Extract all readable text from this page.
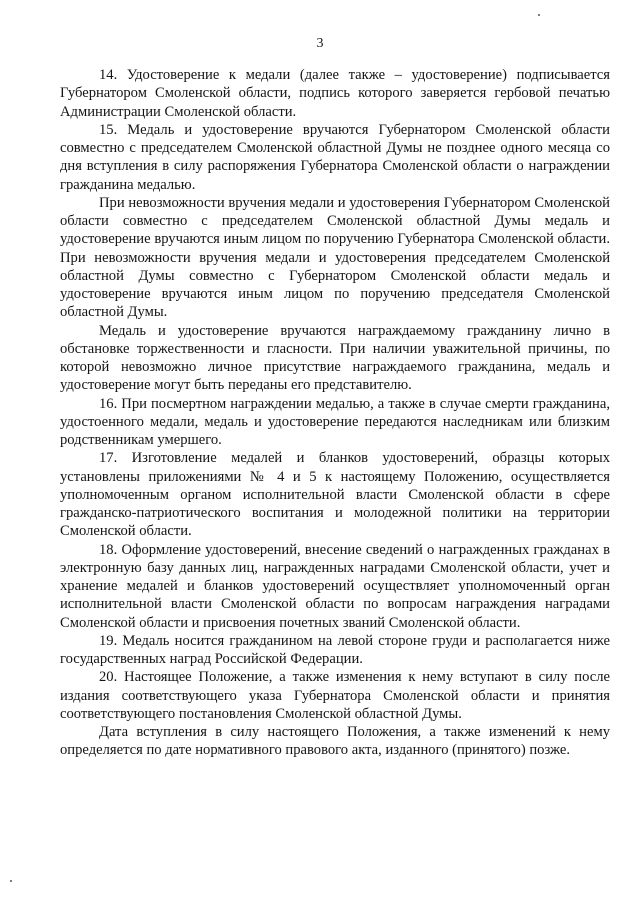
3

14. Удостоверение к медали (далее также – удостоверение) подписывается Губернатором Смоленской области, подпись которого заверяется гербовой печатью Администрации Смоленской области.

15. Медаль и удостоверение вручаются Губернатором Смоленской области совместно с председателем Смоленской областной Думы не позднее одного месяца со дня вступления в силу распоряжения Губернатора Смоленской области о награждении гражданина медалью.

При невозможности вручения медали и удостоверения Губернатором Смоленской области совместно с председателем Смоленской областной Думы медаль и удостоверение вручаются иным лицом по поручению Губернатора Смоленской области. При невозможности вручения медали и удостоверения председателем Смоленской областной Думы совместно с Губернатором Смоленской области медаль и удостоверение вручаются иным лицом по поручению председателя Смоленской областной Думы.

Медаль и удостоверение вручаются награждаемому гражданину лично в обстановке торжественности и гласности. При наличии уважительной причины, по которой невозможно личное присутствие награждаемого гражданина, медаль и удостоверение могут быть переданы его представителю.

16. При посмертном награждении медалью, а также в случае смерти гражданина, удостоенного медали, медаль и удостоверение передаются наследникам или близким родственникам умершего.

17. Изготовление медалей и бланков удостоверений, образцы которых установлены приложениями № 4 и 5 к настоящему Положению, осуществляется уполномоченным органом исполнительной власти Смоленской области в сфере гражданско-патриотического воспитания и молодежной политики на территории Смоленской области.

18. Оформление удостоверений, внесение сведений о награжденных гражданах в электронную базу данных лиц, награжденных наградами Смоленской области, учет и хранение медалей и бланков удостоверений осуществляет уполномоченный орган исполнительной власти Смоленской области по вопросам награждения наградами Смоленской области и присвоения почетных званий Смоленской области.

19. Медаль носится гражданином на левой стороне груди и располагается ниже государственных наград Российской Федерации.

20. Настоящее Положение, а также изменения к нему вступают в силу после издания соответствующего указа Губернатора Смоленской области и принятия соответствующего постановления Смоленской областной Думы.

Дата вступления в силу настоящего Положения, а также изменений к нему определяется по дате нормативного правового акта, изданного (принятого) позже.
